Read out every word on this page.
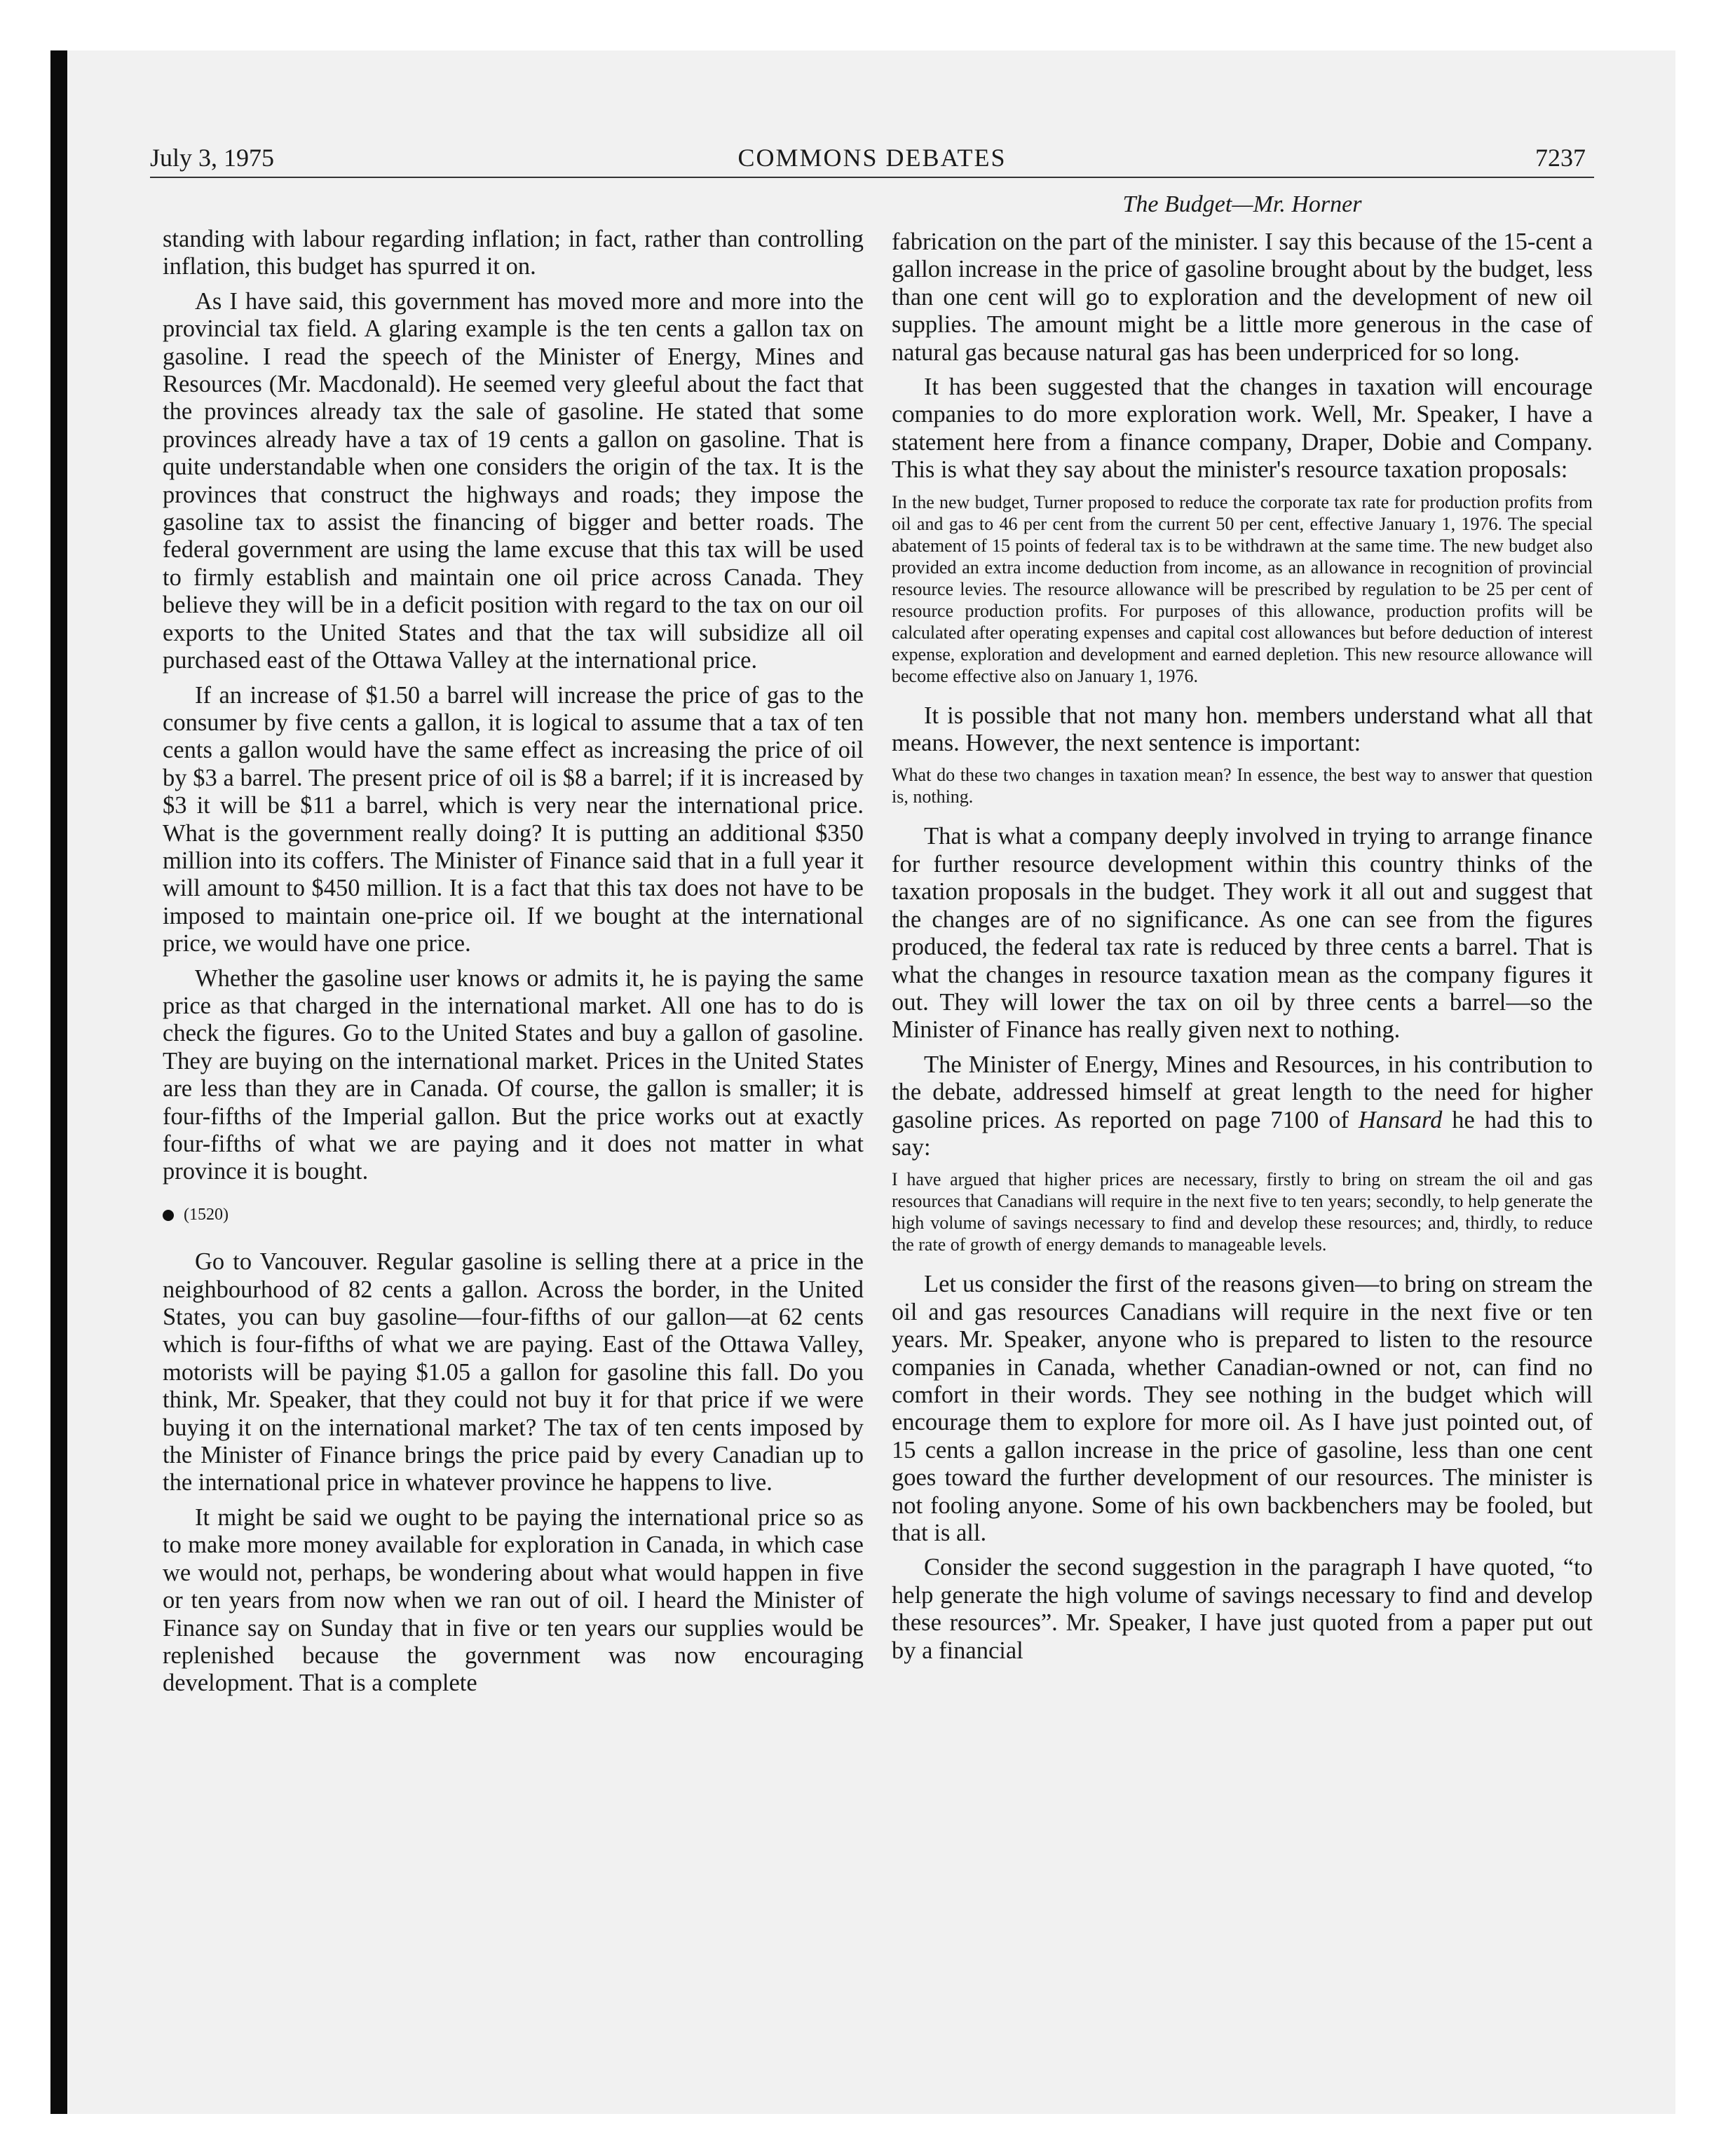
July 3, 1975	COMMONS DEBATES	7237

standing with labour regarding inflation; in fact, rather than controlling inflation, this budget has spurred it on.

As I have said, this government has moved more and more into the provincial tax field. A glaring example is the ten cents a gallon tax on gasoline. I read the speech of the Minister of Energy, Mines and Resources (Mr. Macdonald). He seemed very gleeful about the fact that the provinces already tax the sale of gasoline. He stated that some provinces already have a tax of 19 cents a gallon on gasoline. That is quite understandable when one considers the origin of the tax. It is the provinces that construct the highways and roads; they impose the gasoline tax to assist the financing of bigger and better roads. The federal government are using the lame excuse that this tax will be used to firmly establish and maintain one oil price across Canada. They believe they will be in a deficit position with regard to the tax on our oil exports to the United States and that the tax will subsidize all oil purchased east of the Ottawa Valley at the international price.

If an increase of $1.50 a barrel will increase the price of gas to the consumer by five cents a gallon, it is logical to assume that a tax of ten cents a gallon would have the same effect as increasing the price of oil by $3 a barrel. The present price of oil is $8 a barrel; if it is increased by $3 it will be $11 a barrel, which is very near the international price. What is the government really doing? It is putting an additional $350 million into its coffers. The Minister of Finance said that in a full year it will amount to $450 million. It is a fact that this tax does not have to be imposed to maintain one-price oil. If we bought at the international price, we would have one price.

Whether the gasoline user knows or admits it, he is paying the same price as that charged in the international market. All one has to do is check the figures. Go to the United States and buy a gallon of gasoline. They are buying on the international market. Prices in the United States are less than they are in Canada. Of course, the gallon is smaller; it is four-fifths of the Imperial gallon. But the price works out at exactly four-fifths of what we are paying and it does not matter in what province it is bought.

(1520)

Go to Vancouver. Regular gasoline is selling there at a price in the neighbourhood of 82 cents a gallon. Across the border, in the United States, you can buy gasoline—four-fifths of our gallon—at 62 cents which is four-fifths of what we are paying. East of the Ottawa Valley, motorists will be paying $1.05 a gallon for gasoline this fall. Do you think, Mr. Speaker, that they could not buy it for that price if we were buying it on the international market? The tax of ten cents imposed by the Minister of Finance brings the price paid by every Canadian up to the international price in whatever province he happens to live.

It might be said we ought to be paying the international price so as to make more money available for exploration in Canada, in which case we would not, perhaps, be wondering about what would happen in five or ten years from now when we ran out of oil. I heard the Minister of Finance say on Sunday that in five or ten years our supplies would be replenished because the government was now encouraging development. That is a complete

The Budget—Mr. Horner

fabrication on the part of the minister. I say this because of the 15-cent a gallon increase in the price of gasoline brought about by the budget, less than one cent will go to exploration and the development of new oil supplies. The amount might be a little more generous in the case of natural gas because natural gas has been underpriced for so long.

It has been suggested that the changes in taxation will encourage companies to do more exploration work. Well, Mr. Speaker, I have a statement here from a finance company, Draper, Dobie and Company. This is what they say about the minister's resource taxation proposals:

In the new budget, Turner proposed to reduce the corporate tax rate for production profits from oil and gas to 46 per cent from the current 50 per cent, effective January 1, 1976. The special abatement of 15 points of federal tax is to be withdrawn at the same time. The new budget also provided an extra income deduction from income, as an allowance in recognition of provincial resource levies. The resource allowance will be prescribed by regulation to be 25 per cent of resource production profits. For purposes of this allowance, production profits will be calculated after operating expenses and capital cost allowances but before deduction of interest expense, exploration and development and earned depletion. This new resource allowance will become effective also on January 1, 1976.

It is possible that not many hon. members understand what all that means. However, the next sentence is important:

What do these two changes in taxation mean? In essence, the best way to answer that question is, nothing.

That is what a company deeply involved in trying to arrange finance for further resource development within this country thinks of the taxation proposals in the budget. They work it all out and suggest that the changes are of no significance. As one can see from the figures produced, the federal tax rate is reduced by three cents a barrel. That is what the changes in resource taxation mean as the company figures it out. They will lower the tax on oil by three cents a barrel—so the Minister of Finance has really given next to nothing.

The Minister of Energy, Mines and Resources, in his contribution to the debate, addressed himself at great length to the need for higher gasoline prices. As reported on page 7100 of Hansard he had this to say:

I have argued that higher prices are necessary, firstly to bring on stream the oil and gas resources that Canadians will require in the next five to ten years; secondly, to help generate the high volume of savings necessary to find and develop these resources; and, thirdly, to reduce the rate of growth of energy demands to manageable levels.

Let us consider the first of the reasons given—to bring on stream the oil and gas resources Canadians will require in the next five or ten years. Mr. Speaker, anyone who is prepared to listen to the resource companies in Canada, whether Canadian-owned or not, can find no comfort in their words. They see nothing in the budget which will encourage them to explore for more oil. As I have just pointed out, of 15 cents a gallon increase in the price of gasoline, less than one cent goes toward the further development of our resources. The minister is not fooling anyone. Some of his own backbenchers may be fooled, but that is all.

Consider the second suggestion in the paragraph I have quoted, “to help generate the high volume of savings necessary to find and develop these resources”. Mr. Speaker, I have just quoted from a paper put out by a financial
